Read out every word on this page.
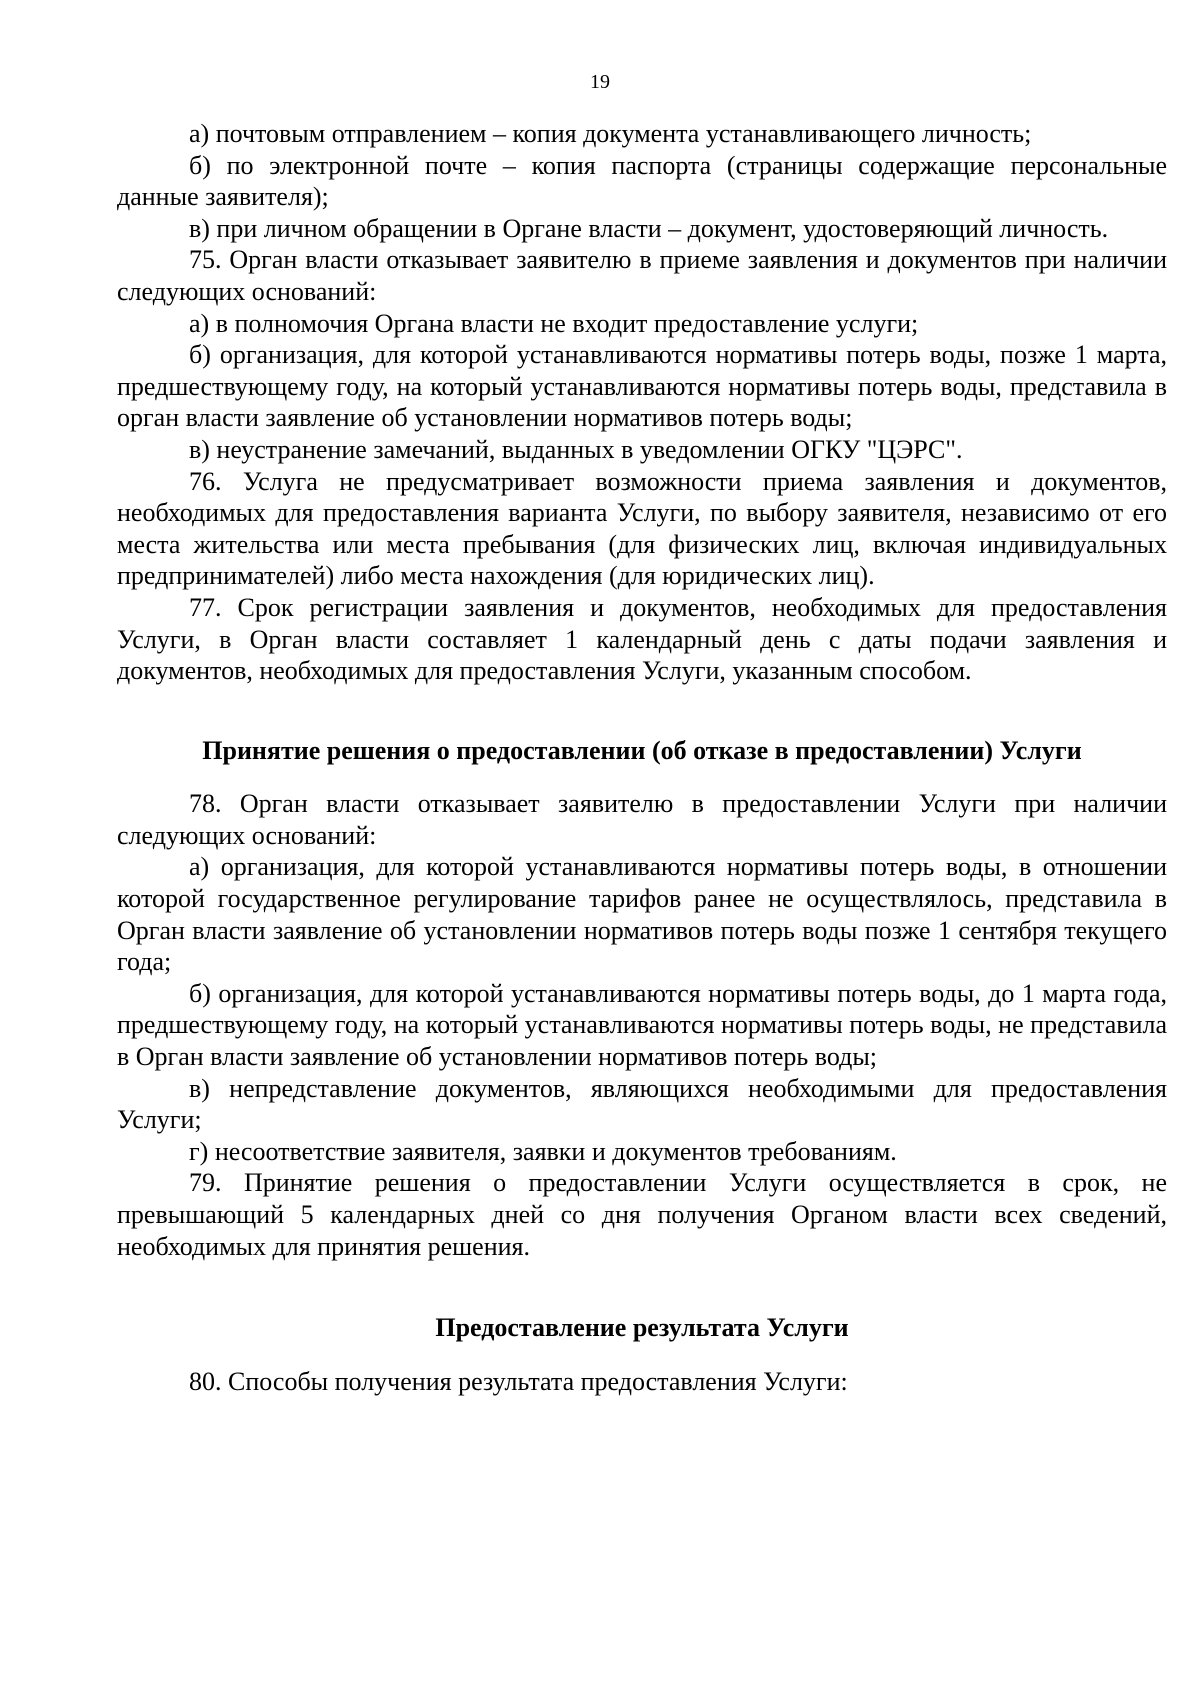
19

а) почтовым отправлением – копия документа устанавливающего личность;

б) по электронной почте – копия паспорта (страницы содержащие персональные данные заявителя);

в) при личном обращении в Органе власти – документ, удостоверяющий личность.

75. Орган власти отказывает заявителю в приеме заявления и документов при наличии следующих оснований:

а) в полномочия Органа власти не входит предоставление услуги;

б) организация, для которой устанавливаются нормативы потерь воды, позже 1 марта, предшествующему году, на который устанавливаются нормативы потерь воды, представила в орган власти заявление об установлении нормативов потерь воды;

в) неустранение замечаний, выданных в уведомлении ОГКУ "ЦЭРС".

76. Услуга не предусматривает возможности приема заявления и документов, необходимых для предоставления варианта Услуги, по выбору заявителя, независимо от его места жительства или места пребывания (для физических лиц, включая индивидуальных предпринимателей) либо места нахождения (для юридических лиц).

77. Срок регистрации заявления и документов, необходимых для предоставления Услуги, в Орган власти составляет 1 календарный день с даты подачи заявления и документов, необходимых для предоставления Услуги, указанным способом.

Принятие решения о предоставлении (об отказе в предоставлении) Услуги

78. Орган власти отказывает заявителю в предоставлении Услуги при наличии следующих оснований:

а) организация, для которой устанавливаются нормативы потерь воды, в отношении которой государственное регулирование тарифов ранее не осуществлялось, представила в Орган власти заявление об установлении нормативов потерь воды позже 1 сентября текущего года;

б) организация, для которой устанавливаются нормативы потерь воды, до 1 марта года, предшествующему году, на который устанавливаются нормативы потерь воды, не представила в Орган власти заявление об установлении нормативов потерь воды;

в) непредставление документов, являющихся необходимыми для предоставления Услуги;

г) несоответствие заявителя, заявки и документов требованиям.

79. Принятие решения о предоставлении Услуги осуществляется в срок, не превышающий 5 календарных дней со дня получения Органом власти всех сведений, необходимых для принятия решения.

Предоставление результата Услуги

80. Способы получения результата предоставления Услуги:
